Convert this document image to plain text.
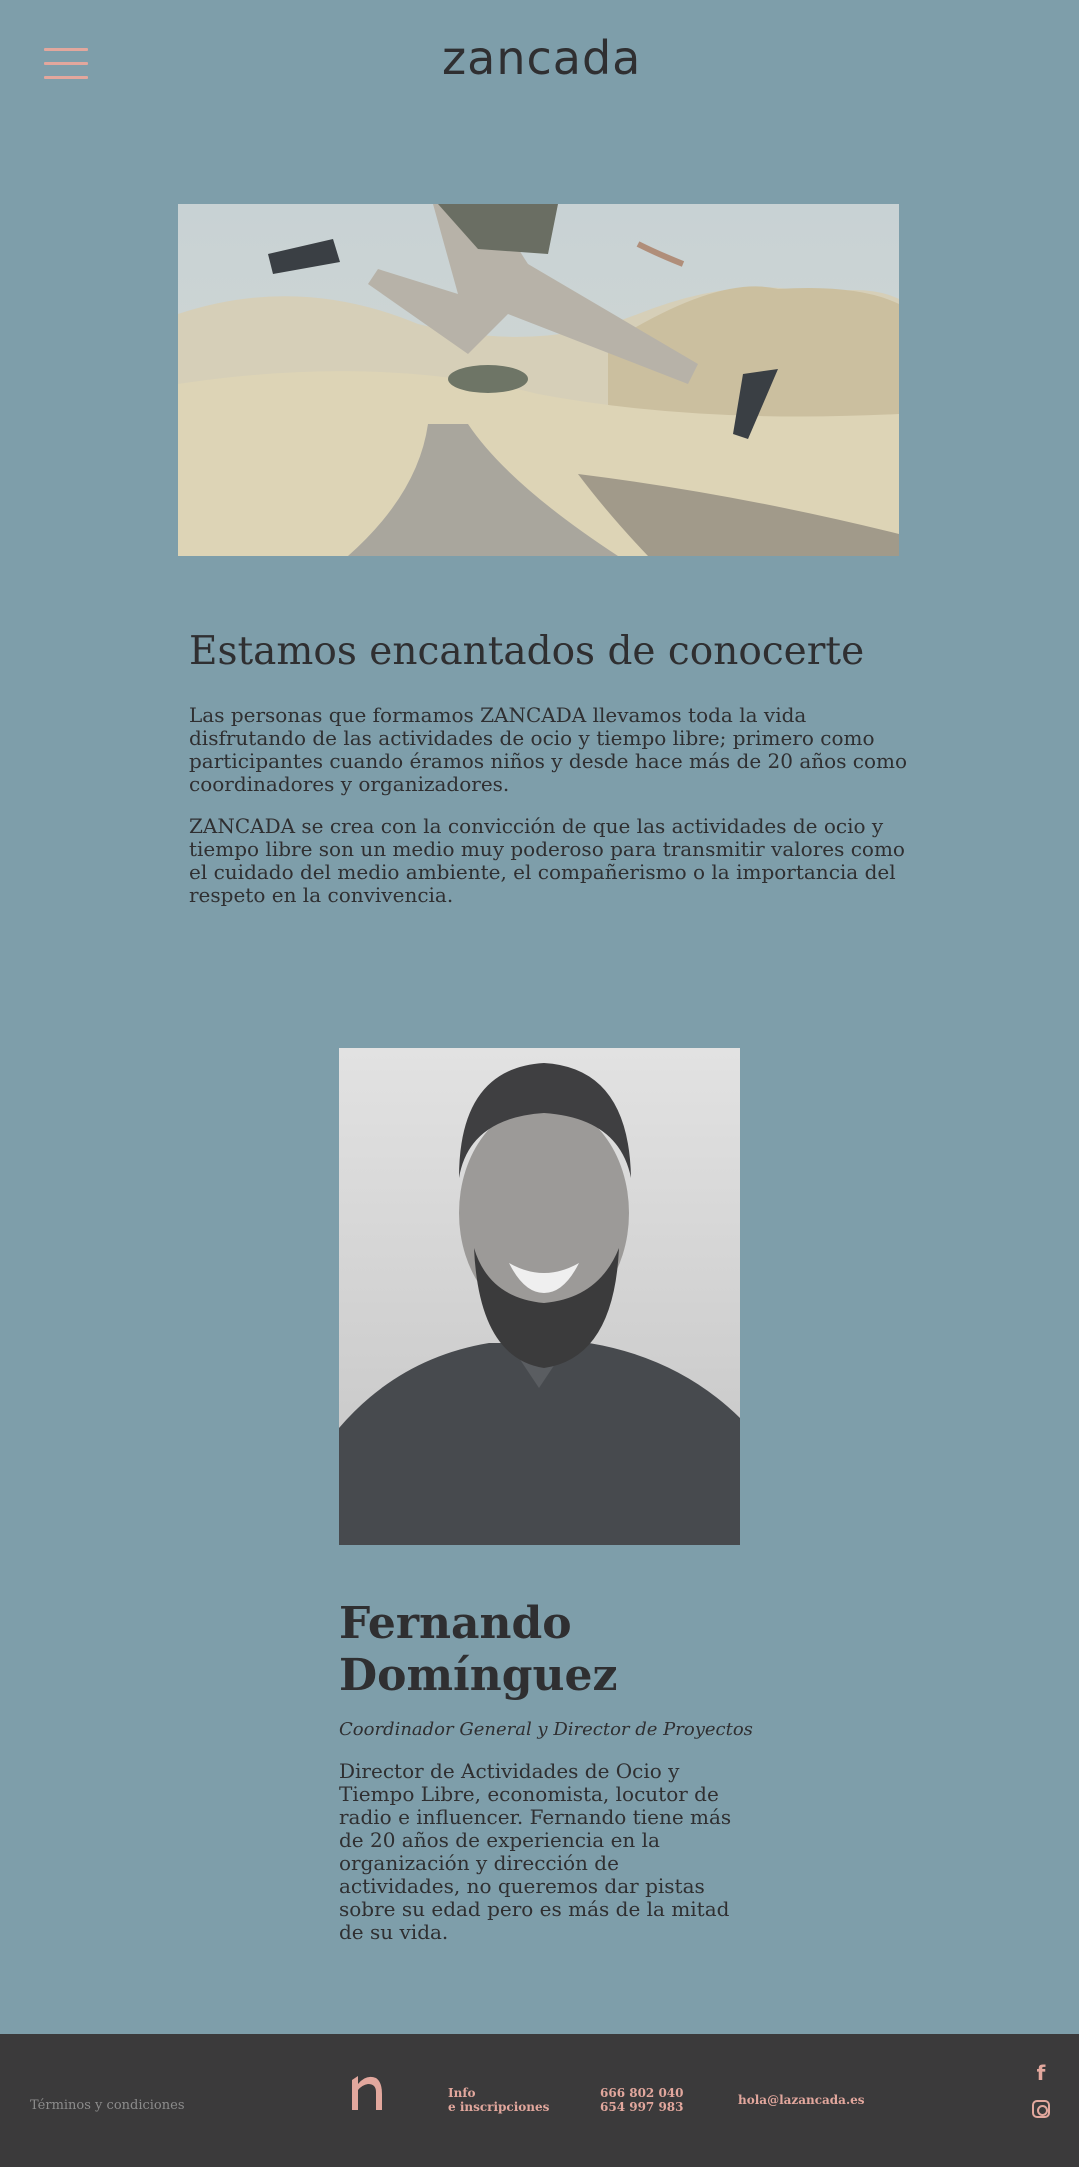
zancada
Estamos encantados de conocerte

Las personas que formamos ZANCADA llevamos toda la vida disfrutando de las actividades de ocio y tiempo libre; primero como participantes cuando éramos niños y desde hace más de 20 años como coordinadores y organizadores.

ZANCADA se crea con la convicción de que las actividades de ocio y tiempo libre son un medio muy poderoso para transmitir valores como el cuidado del medio ambiente, el compañerismo o la importancia del respeto en la convivencia.

Fernando
Domínguez

Coordinador General y Director de Proyectos

Director de Actividades de Ocio y Tiempo Libre, economista, locutor de radio e influencer. Fernando tiene más de 20 años de experiencia en la organización y dirección de actividades, no queremos dar pistas sobre su edad pero es más de la mitad de su vida.

Términos y condiciones
Info
e inscripciones
666 802 040
654 997 983	hola@lazancada.es
f
